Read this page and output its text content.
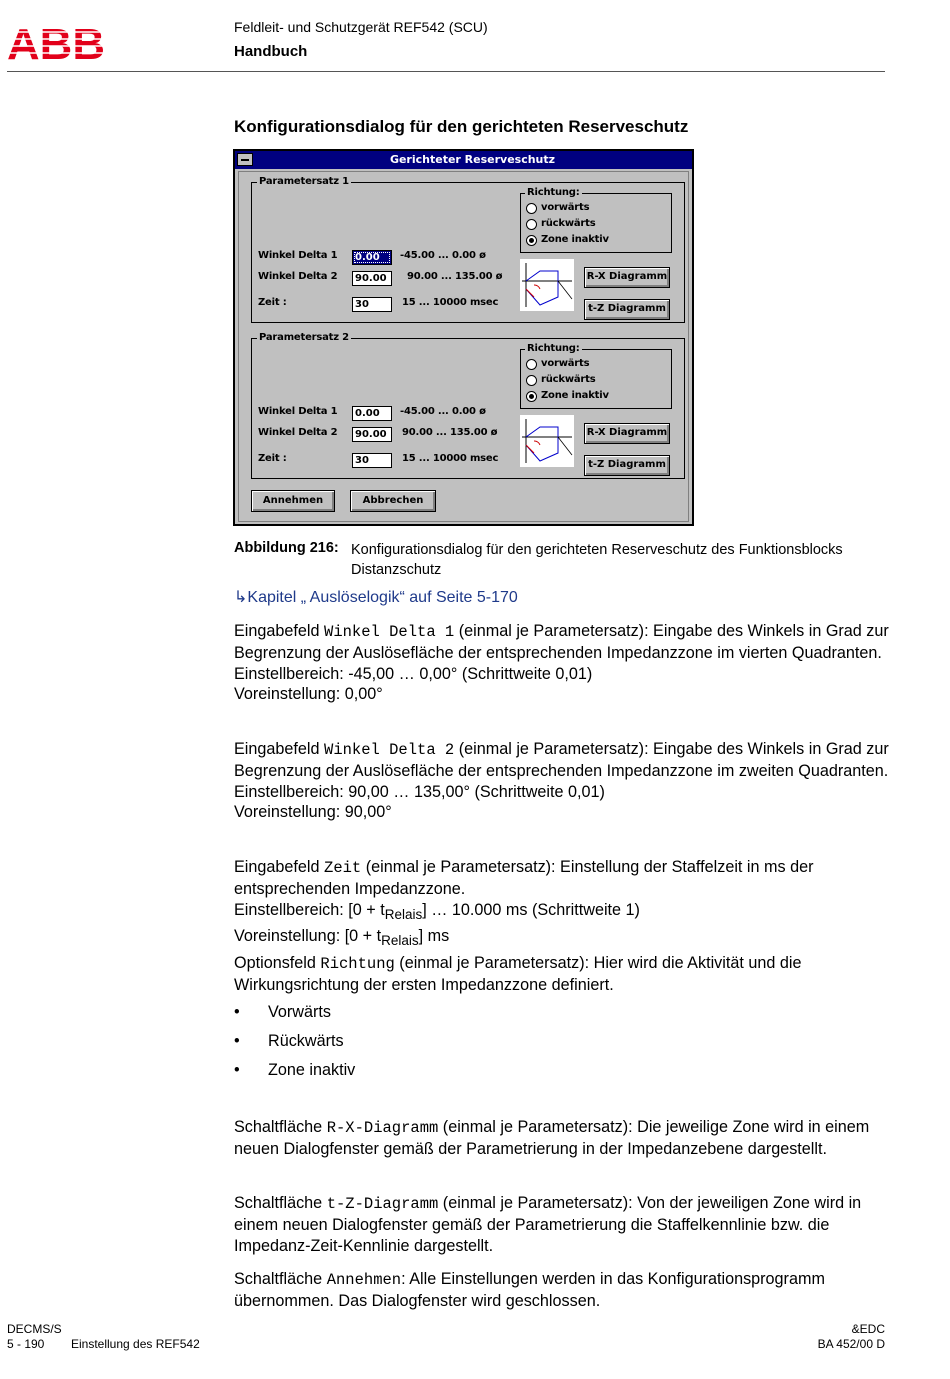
ABB	Feldleit- und Schutzgerät REF542 (SCU)
Handbuch
Konfigurationsdialog für den gerichteten Reserveschutz
Gerichteter Reserveschutz
Parametersatz 1
Richtung:
vorwärts
rückwärts
Zone inaktiv
Winkel Delta 1	0.00	-45.00 ... 0.00 ø
Winkel Delta 2	90.00	90.00 ... 135.00 ø
Zeit :	30	15 ... 10000 msec
R-X Diagramm
t-Z Diagramm
Parametersatz 2
Richtung:
vorwärts
rückwärts
Zone inaktiv
Winkel Delta 1	0.00	-45.00 ... 0.00 ø
Winkel Delta 2	90.00	90.00 ... 135.00 ø
Zeit :	30	15 ... 10000 msec
R-X Diagramm
t-Z Diagramm
Annehmen	Abbrechen
Abbildung 216: Konfigurationsdialog für den gerichteten Reserveschutz des Funktionsblocks Distanzschutz
↳Kapitel „ Auslöselogik“ auf Seite 5-170
Eingabefeld Winkel Delta 1 (einmal je Parametersatz): Eingabe des Winkels in Grad zur Begrenzung der Auslösefläche der entsprechenden Impedanzzone im vierten Quadranten.
Einstellbereich: -45,00 … 0,00° (Schrittweite 0,01)
Voreinstellung: 0,00°
Eingabefeld Winkel Delta 2 (einmal je Parametersatz): Eingabe des Winkels in Grad zur Begrenzung der Auslösefläche der entsprechenden Impedanzzone im zweiten Quadranten.
Einstellbereich: 90,00 … 135,00° (Schrittweite 0,01)
Voreinstellung: 90,00°
Eingabefeld Zeit (einmal je Parametersatz): Einstellung der Staffelzeit in ms der entsprechenden Impedanzzone.
Einstellbereich: $[0 + t_{Relais}]$ … 10.000 ms (Schrittweite 1)
Voreinstellung: $[0 + t_{Relais}]$ ms
Optionsfeld Richtung (einmal je Parametersatz): Hier wird die Aktivität und die Wirkungsrichtung der ersten Impedanzzone definiert.
• Vorwärts
• Rückwärts
• Zone inaktiv
Schaltfläche R-X-Diagramm (einmal je Parametersatz): Die jeweilige Zone wird in einem neuen Dialogfenster gemäß der Parametrierung in der Impedanzebene dargestellt.
Schaltfläche t-Z-Diagramm (einmal je Parametersatz): Von der jeweiligen Zone wird in einem neuen Dialogfenster gemäß der Parametrierung die Staffelkennlinie bzw. die Impedanz-Zeit-Kennlinie dargestellt.
Schaltfläche Annehmen: Alle Einstellungen werden in das Konfigurationsprogramm übernommen. Das Dialogfenster wird geschlossen.
DECMS/S
5 - 190 Einstellung des REF542
&EDC
BA 452/00 D
